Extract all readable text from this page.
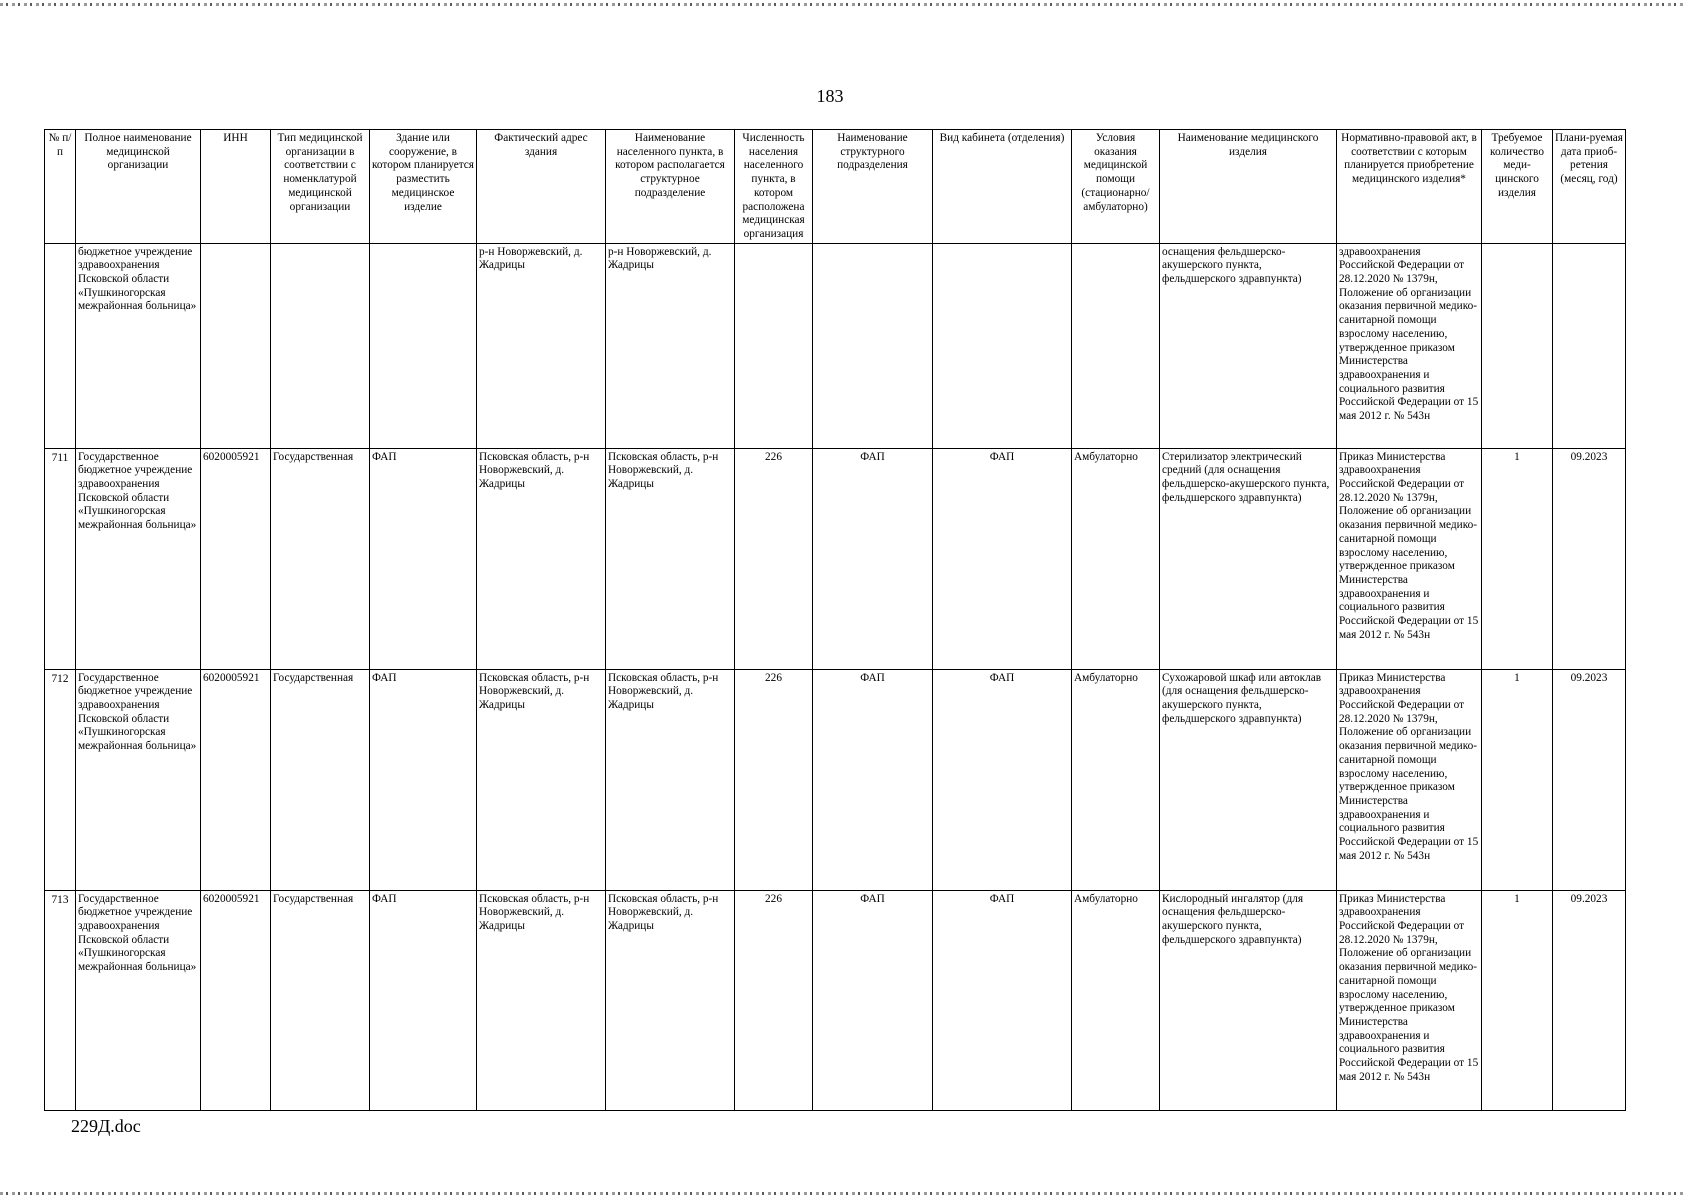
183
№ п/п	Полное наименование медицинской организации	ИНН	Тип медицинской организации в соответствии с номенклатурой медицинской организации	Здание или сооружение, в котором планируется разместить медицинское изделие	Фактический адрес здания	Наименование населенного пункта, в котором располагается структурное подразделение	Численность населения населенного пункта, в котором расположена медицинская организация	Наименование структурного подразделения	Вид кабинета (отделения)	Условия оказания медицинской помощи (стационарно/амбулаторно)	Наименование медицинского изделия	Нормативно-правовой акт, в соответствии с которым планируется приобретение медицинского изделия*	Требуемое количество меди-цинского изделия	Плани-руемая дата приоб-ретения (месяц, год)
	бюджетное учреждение здравоохранения Псковской области «Пушкиногорская межрайонная больница»				р-н Новоржевский, д. Жадрицы	р-н Новоржевский, д. Жадрицы					оснащения фельдшерско-акушерского пункта, фельдшерского здравпункта)	здравоохранения Российской Федерации от 28.12.2020 № 1379н, Положение об организации оказания первичной медико-санитарной помощи взрослому населению, утвержденное приказом Министерства здравоохранения и социального развития Российской Федерации от 15 мая 2012 г. № 543н		
711	Государственное бюджетное учреждение здравоохранения Псковской области «Пушкиногорская межрайонная больница»	6020005921	Государственная	ФАП	Псковская область, р-н Новоржевский, д. Жадрицы	Псковская область, р-н Новоржевский, д. Жадрицы	226	ФАП	ФАП	Амбулаторно	Стерилизатор электрический средний (для оснащения фельдшерско-акушерского пункта, фельдшерского здравпункта)	Приказ Министерства здравоохранения Российской Федерации от 28.12.2020 № 1379н, Положение об организации оказания первичной медико-санитарной помощи взрослому населению, утвержденное приказом Министерства здравоохранения и социального развития Российской Федерации от 15 мая 2012 г. № 543н	1	09.2023
712	Государственное бюджетное учреждение здравоохранения Псковской области «Пушкиногорская межрайонная больница»	6020005921	Государственная	ФАП	Псковская область, р-н Новоржевский, д. Жадрицы	Псковская область, р-н Новоржевский, д. Жадрицы	226	ФАП	ФАП	Амбулаторно	Сухожаровой шкаф или автоклав (для оснащения фельдшерско-акушерского пункта, фельдшерского здравпункта)	Приказ Министерства здравоохранения Российской Федерации от 28.12.2020 № 1379н, Положение об организации оказания первичной медико-санитарной помощи взрослому населению, утвержденное приказом Министерства здравоохранения и социального развития Российской Федерации от 15 мая 2012 г. № 543н	1	09.2023
713	Государственное бюджетное учреждение здравоохранения Псковской области «Пушкиногорская межрайонная больница»	6020005921	Государственная	ФАП	Псковская область, р-н Новоржевский, д. Жадрицы	Псковская область, р-н Новоржевский, д. Жадрицы	226	ФАП	ФАП	Амбулаторно	Кислородный ингалятор (для оснащения фельдшерско-акушерского пункта, фельдшерского здравпункта)	Приказ Министерства здравоохранения Российской Федерации от 28.12.2020 № 1379н, Положение об организации оказания первичной медико-санитарной помощи взрослому населению, утвержденное приказом Министерства здравоохранения и социального развития Российской Федерации от 15 мая 2012 г. № 543н	1	09.2023
229Д.doc
